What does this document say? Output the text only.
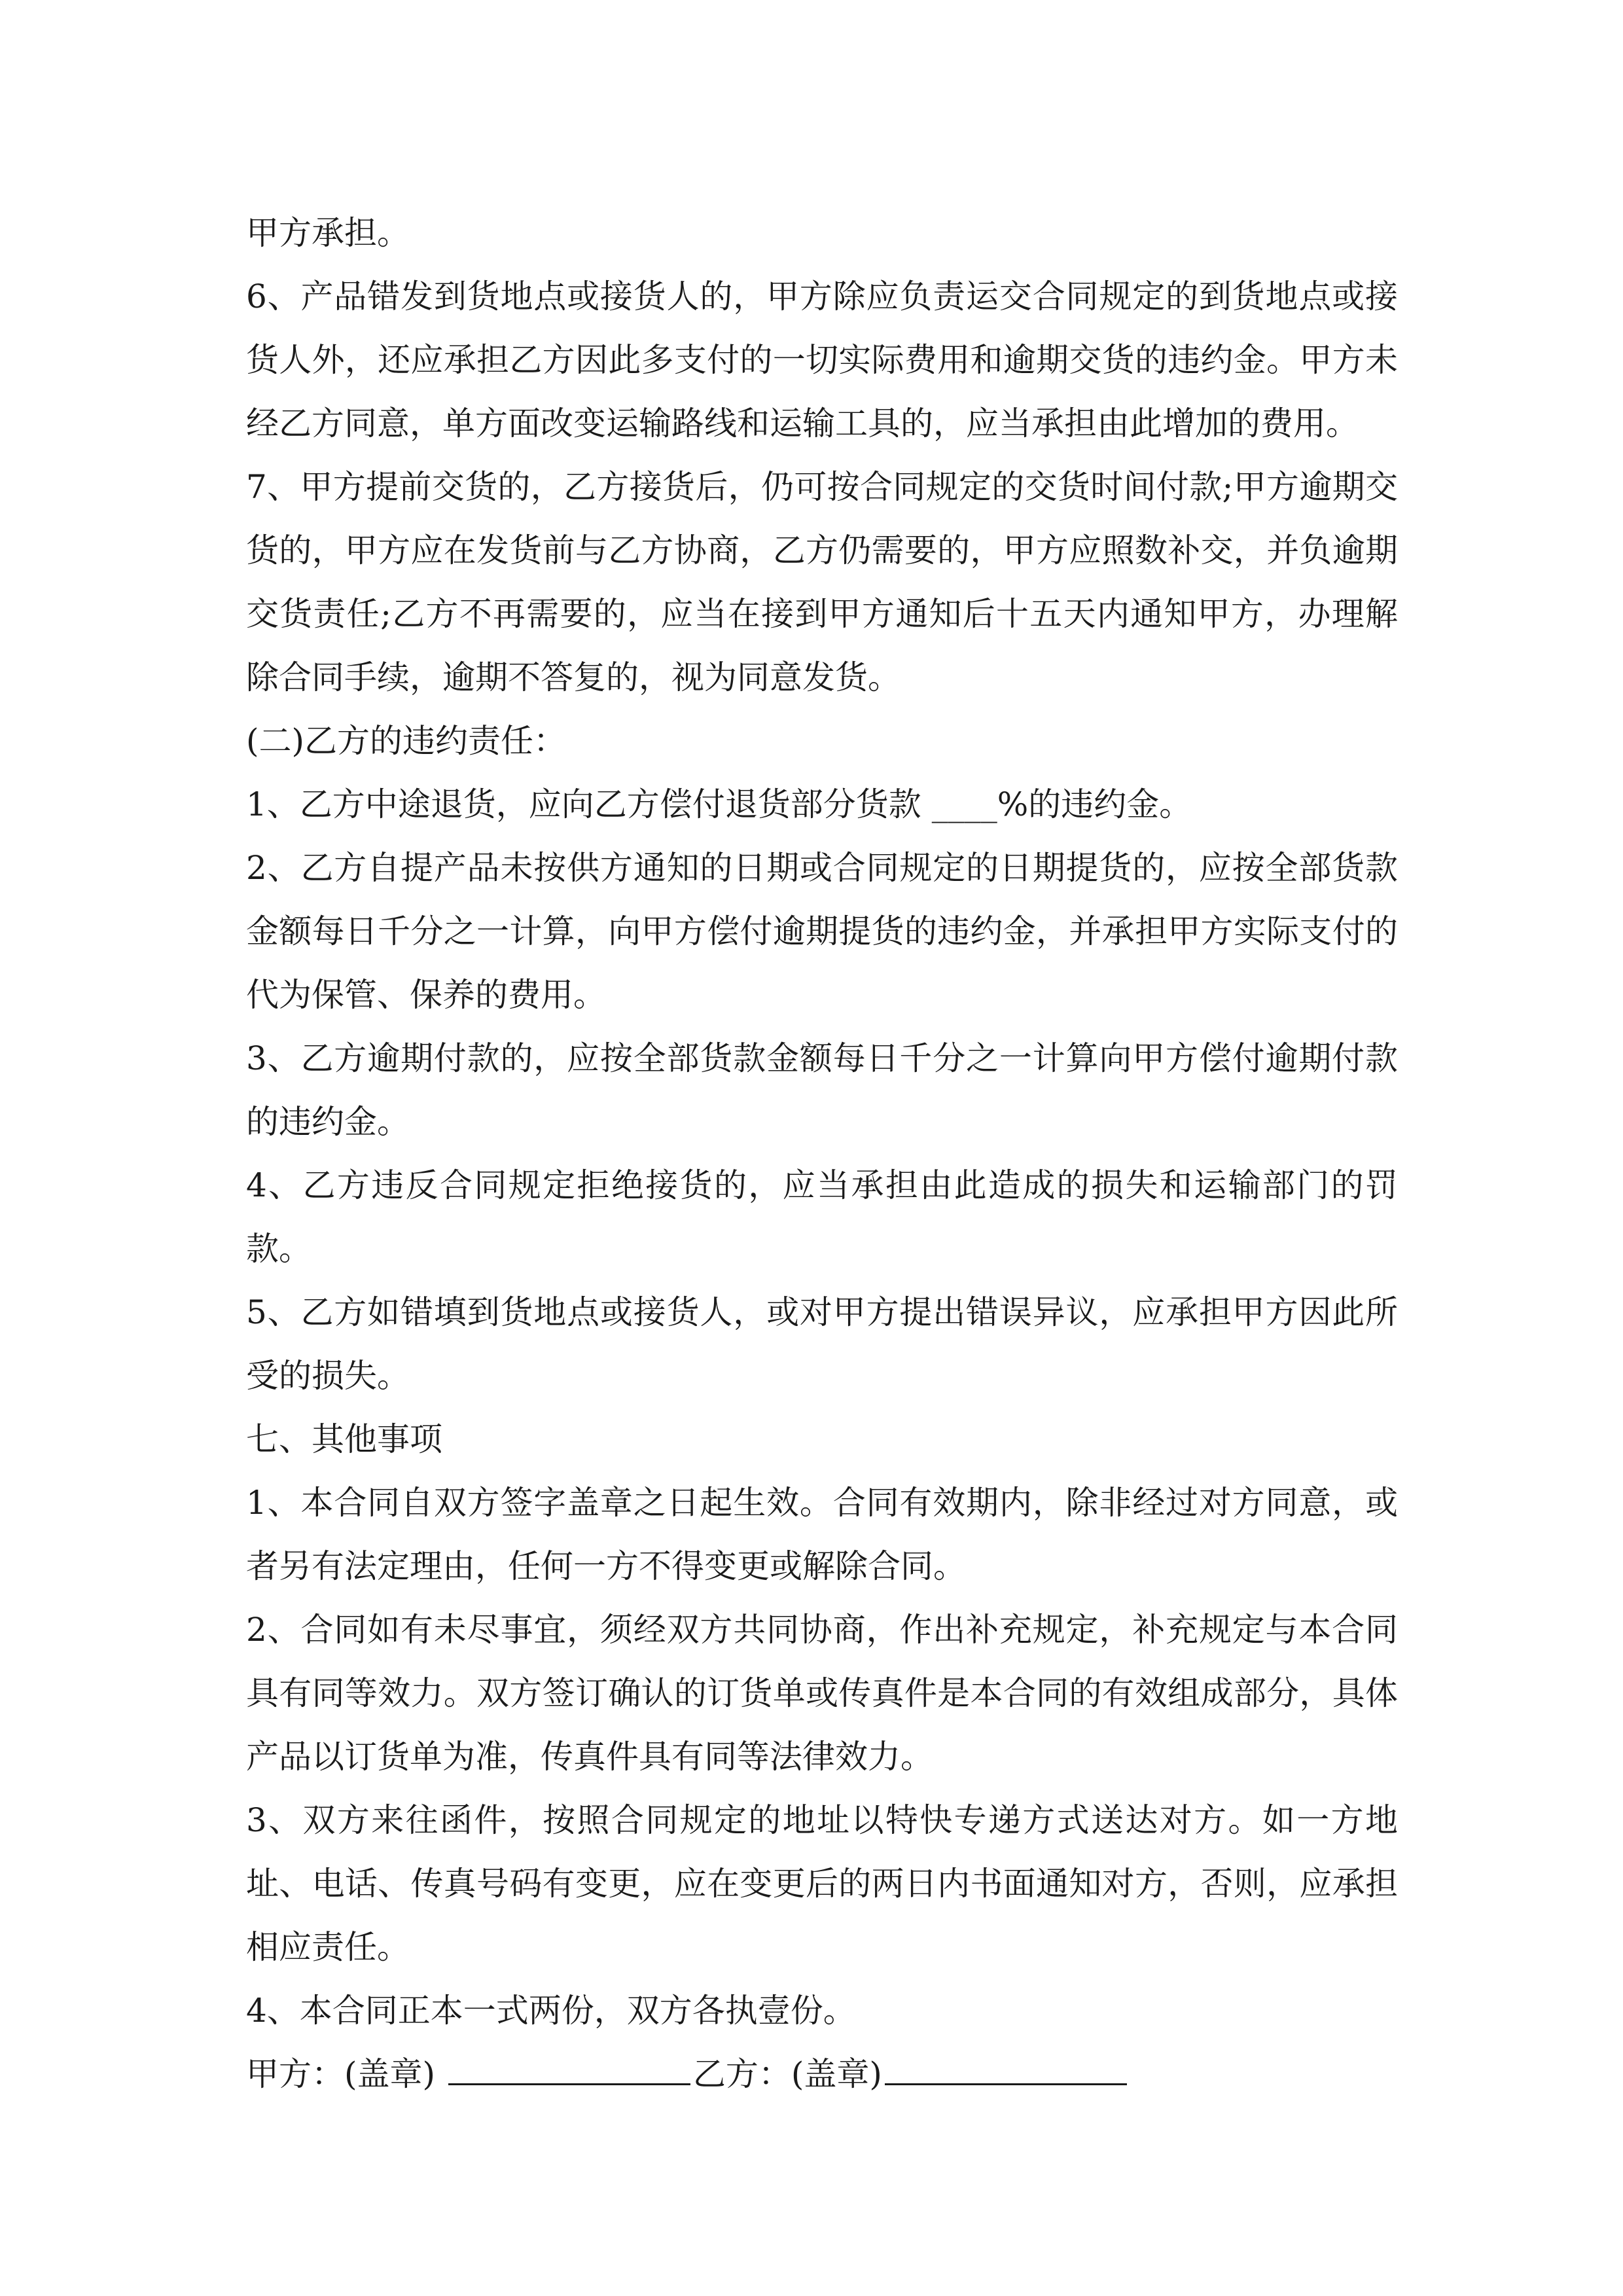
甲方承担。

6、产品错发到货地点或接货人的，甲方除应负责运交合同规定的到货地点或接货人外，还应承担乙方因此多支付的一切实际费用和逾期交货的违约金。甲方未经乙方同意，单方面改变运输路线和运输工具的，应当承担由此增加的费用。

7、甲方提前交货的，乙方接货后，仍可按合同规定的交货时间付款;甲方逾期交货的，甲方应在发货前与乙方协商，乙方仍需要的，甲方应照数补交，并负逾期交货责任;乙方不再需要的，应当在接到甲方通知后十五天内通知甲方，办理解除合同手续，逾期不答复的，视为同意发货。

(二)乙方的违约责任：

1、乙方中途退货，应向乙方偿付退货部分货款 ____%的违约金。

2、乙方自提产品未按供方通知的日期或合同规定的日期提货的，应按全部货款金额每日千分之一计算，向甲方偿付逾期提货的违约金，并承担甲方实际支付的代为保管、保养的费用。

3、乙方逾期付款的，应按全部货款金额每日千分之一计算向甲方偿付逾期付款的违约金。

4、乙方违反合同规定拒绝接货的，应当承担由此造成的损失和运输部门的罚款。

5、乙方如错填到货地点或接货人，或对甲方提出错误异议，应承担甲方因此所受的损失。

七、其他事项

1、本合同自双方签字盖章之日起生效。合同有效期内，除非经过对方同意，或者另有法定理由，任何一方不得变更或解除合同。

2、合同如有未尽事宜，须经双方共同协商，作出补充规定，补充规定与本合同具有同等效力。双方签订确认的订货单或传真件是本合同的有效组成部分，具体产品以订货单为准，传真件具有同等法律效力。

3、双方来往函件，按照合同规定的地址以特快专递方式送达对方。如一方地址、电话、传真号码有变更，应在变更后的两日内书面通知对方，否则，应承担相应责任。

4、本合同正本一式两份，双方各执壹份。

甲方：(盖章)	乙方：(盖章)
